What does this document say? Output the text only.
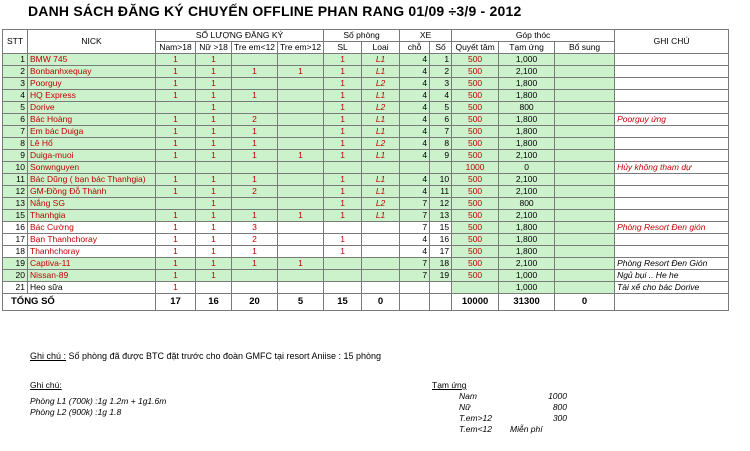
DANH SÁCH ĐĂNG KÝ CHUYẾN OFFLINE PHAN RANG 01/09 ÷3/9 - 2012
STT	NICK	SỐ LƯỢNG ĐĂNG KÝ				Số phòng		XE		Góp thóc			GHI CHÚ
		Nam>18	Nữ >18	Tre em<12	Tre em>12	SL	Loai	chỗ	Số	Quyết tâm	Tạm ứng	Bổ sung	
1	BMW 745	1	1			1	L1	4	1	500	1,000		
2	Bonbanhxequay	1	1	1	1	1	L1	4	2	500	2,100		
3	Poorguy	1	1			1	L2	4	3	500	1,800		
4	HQ Express	1	1	1		1	L1	4	4	500	1,800		
5	Dorive		1			1	L2	4	5	500	800		
6	Bác Hoàng	1	1	2		1	L1	4	6	500	1,800		Poorguy ứng
7	Em bác Duiga	1	1	1		1	L1	4	7	500	1,800		
8	Lê Hổ	1	1	1		1	L2	4	8	500	1,800		
9	Duiga-muoi	1	1	1	1	1	L1	4	9	500	2,100		
10	Sonwnguyen									1000	0		Hủy không tham dự
11	Bác Dũng ( bạn bác Thanhgia)	1	1	1		1	L1	4	10	500	2,100		
12	GM-Đồng Đỗ Thành	1	1	2		1	L1	4	11	500	2,100		
13	Nắng SG		1			1	L2	7	12	500	800		
15	Thanhgia	1	1	1	1	1	L1	7	13	500	2,100		
16	Bác Cường	1	1	3				7	15	500	1,800		Phòng Resort Đen gión
17	Bạn Thanhchoray	1	1	2		1		4	16	500	1,800		
18	Thanhchoray	1	1	1		1		4	17	500	1,800		
19	Captiva-11	1	1	1	1			7	18	500	2,100		Phòng Resort Đen Gión
20	Nissan-89	1	1					7	19	500	1,000		Ngủ bụi .. He he
21	Heo sữa	1									1,000		Tài xế cho bác Dorive
TỔNG SỐ		17	16	20	5	15	0			10000	31300	0	
Ghi chú : Số phòng đã được BTC đặt trước cho đoàn GMFC tại resort Aniise : 15 phòng
Ghi chú:
Phòng L1 (700k) :1g 1.2m + 1g1.6m
Phòng L2 (900k) :1g 1.8
Tạm ứng
Nam	1000
Nữ	800
T.em>12	300
T.em<12 Miễn phí
